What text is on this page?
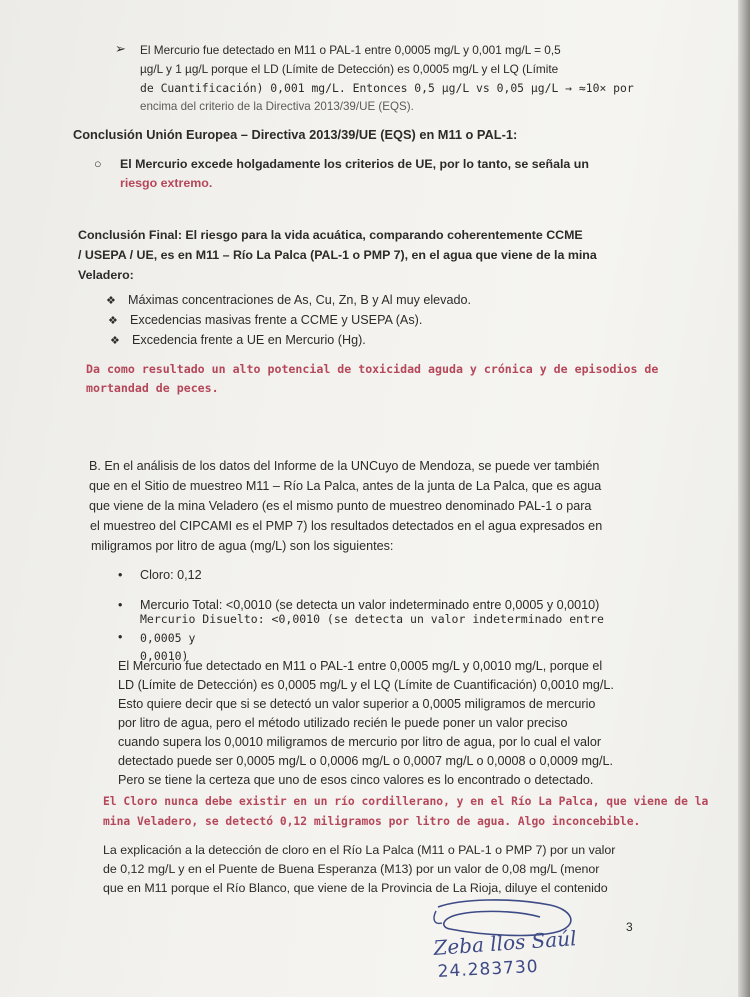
➢ El Mercurio fue detectado en M11 o PAL-1 entre 0,0005 mg/L y 0,001 mg/L = 0,5
µg/L y 1 µg/L porque el LD (Límite de Detección) es 0,0005 mg/L y el LQ (Límite
de Cuantificación) 0,001 mg/L. Entonces 0,5 µg/L vs 0,05 µg/L → ≈10× por
encima del criterio de la Directiva 2013/39/UE (EQS).
Conclusión Unión Europea – Directiva 2013/39/UE (EQS) en M11 o PAL-1:
○ El Mercurio excede holgadamente los criterios de UE, por lo tanto, se señala un
riesgo extremo.
Conclusión Final: El riesgo para la vida acuática, comparando coherentemente CCME
/ USEPA / UE, es en M11 – Río La Palca (PAL-1 o PMP 7), en el agua que viene de la mina
Veladero:
❖ Máximas concentraciones de As, Cu, Zn, B y Al muy elevado.
❖ Excedencias masivas frente a CCME y USEPA (As).
❖ Excedencia frente a UE en Mercurio (Hg).
Da como resultado un alto potencial de toxicidad aguda y crónica y de episodios de
mortandad de peces.
B. En el análisis de los datos del Informe de la UNCuyo de Mendoza, se puede ver también
que en el Sitio de muestreo M11 – Río La Palca, antes de la junta de La Palca, que es agua
que viene de la mina Veladero (es el mismo punto de muestreo denominado PAL-1 o para
el muestreo del CIPCAMI es el PMP 7) los resultados detectados en el agua expresados en
miligramos por litro de agua (mg/L) son los siguientes:
• Cloro: 0,12
• Mercurio Total: <0,0010 (se detecta un valor indeterminado entre 0,0005 y 0,0010)
•
Mercurio Disuelto: <0,0010 (se detecta un valor indeterminado entre 0,0005 y
0,0010)
El Mercurio fue detectado en M11 o PAL-1 entre 0,0005 mg/L y 0,0010 mg/L, porque el
LD (Límite de Detección) es 0,0005 mg/L y el LQ (Límite de Cuantificación) 0,0010 mg/L.
Esto quiere decir que si se detectó un valor superior a 0,0005 miligramos de mercurio
por litro de agua, pero el método utilizado recién le puede poner un valor preciso
cuando supera los 0,0010 miligramos de mercurio por litro de agua, por lo cual el valor
detectado puede ser 0,0005 mg/L o 0,0006 mg/L o 0,0007 mg/L o 0,0008 o 0,0009 mg/L.
Pero se tiene la certeza que uno de esos cinco valores es lo encontrado o detectado.
El Cloro nunca debe existir en un río cordillerano, y en el Río La Palca, que viene de la
mina Veladero, se detectó 0,12 miligramos por litro de agua. Algo inconcebible.
La explicación a la detección de cloro en el Río La Palca (M11 o PAL-1 o PMP 7) por un valor
de 0,12 mg/L y en el Puente de Buena Esperanza (M13) por un valor de 0,08 mg/L (menor
que en M11 porque el Río Blanco, que viene de la Provincia de La Rioja, diluye el contenido
3
Zeba llos Saúl
24.283730
